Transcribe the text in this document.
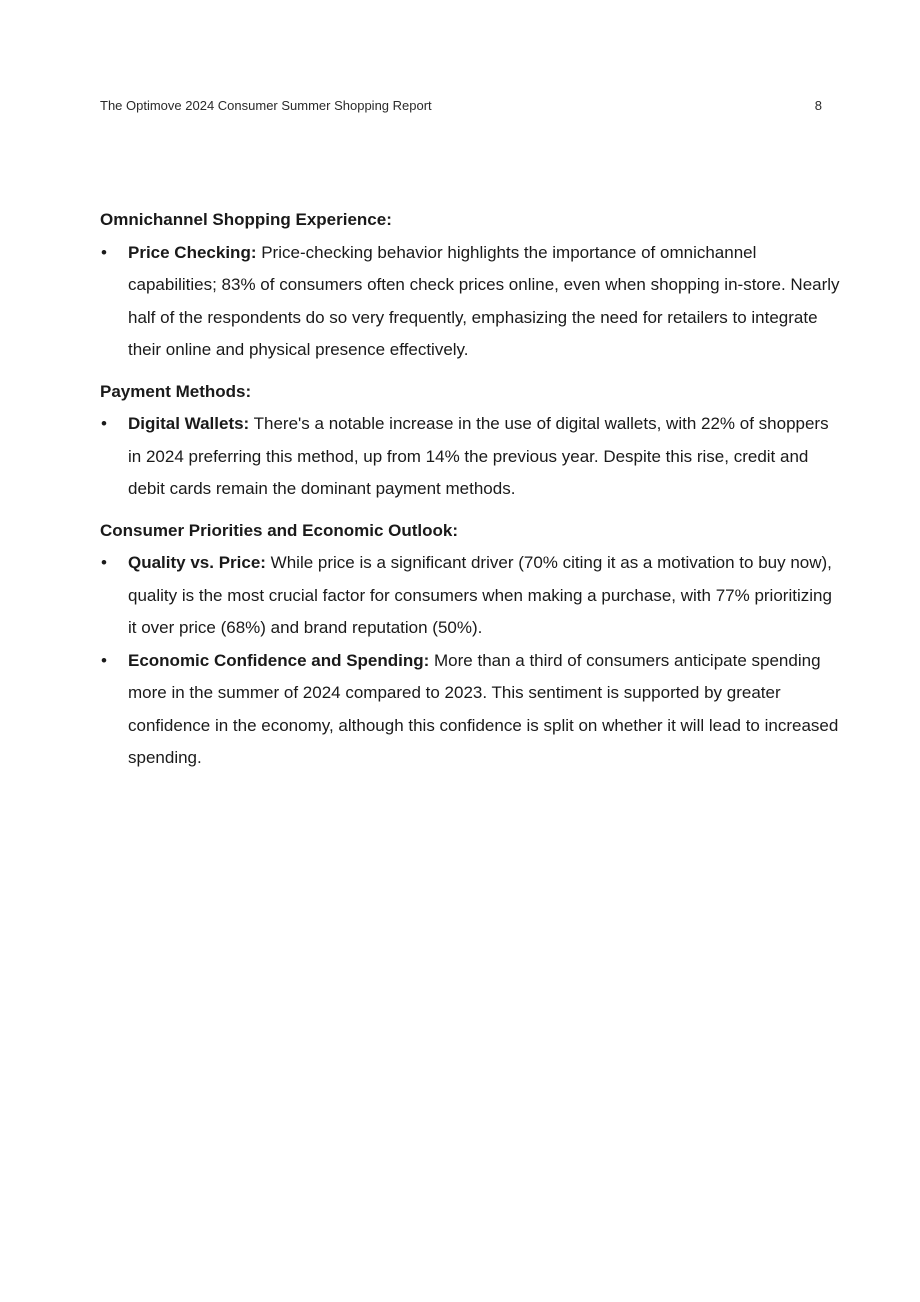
The Optimove 2024 Consumer Summer Shopping Report	8

Omnichannel Shopping Experience:

• Price Checking: Price-checking behavior highlights the importance of omnichannel capabilities; 83% of consumers often check prices online, even when shopping in-store. Nearly half of the respondents do so very frequently, emphasizing the need for retailers to integrate their online and physical presence effectively.

Payment Methods:

• Digital Wallets: There's a notable increase in the use of digital wallets, with 22% of shoppers in 2024 preferring this method, up from 14% the previous year. Despite this rise, credit and debit cards remain the dominant payment methods.

Consumer Priorities and Economic Outlook:

• Quality vs. Price: While price is a significant driver (70% citing it as a motivation to buy now), quality is the most crucial factor for consumers when making a purchase, with 77% prioritizing it over price (68%) and brand reputation (50%).
• Economic Confidence and Spending: More than a third of consumers anticipate spending more in the summer of 2024 compared to 2023. This sentiment is supported by greater confidence in the economy, although this confidence is split on whether it will lead to increased spending.
